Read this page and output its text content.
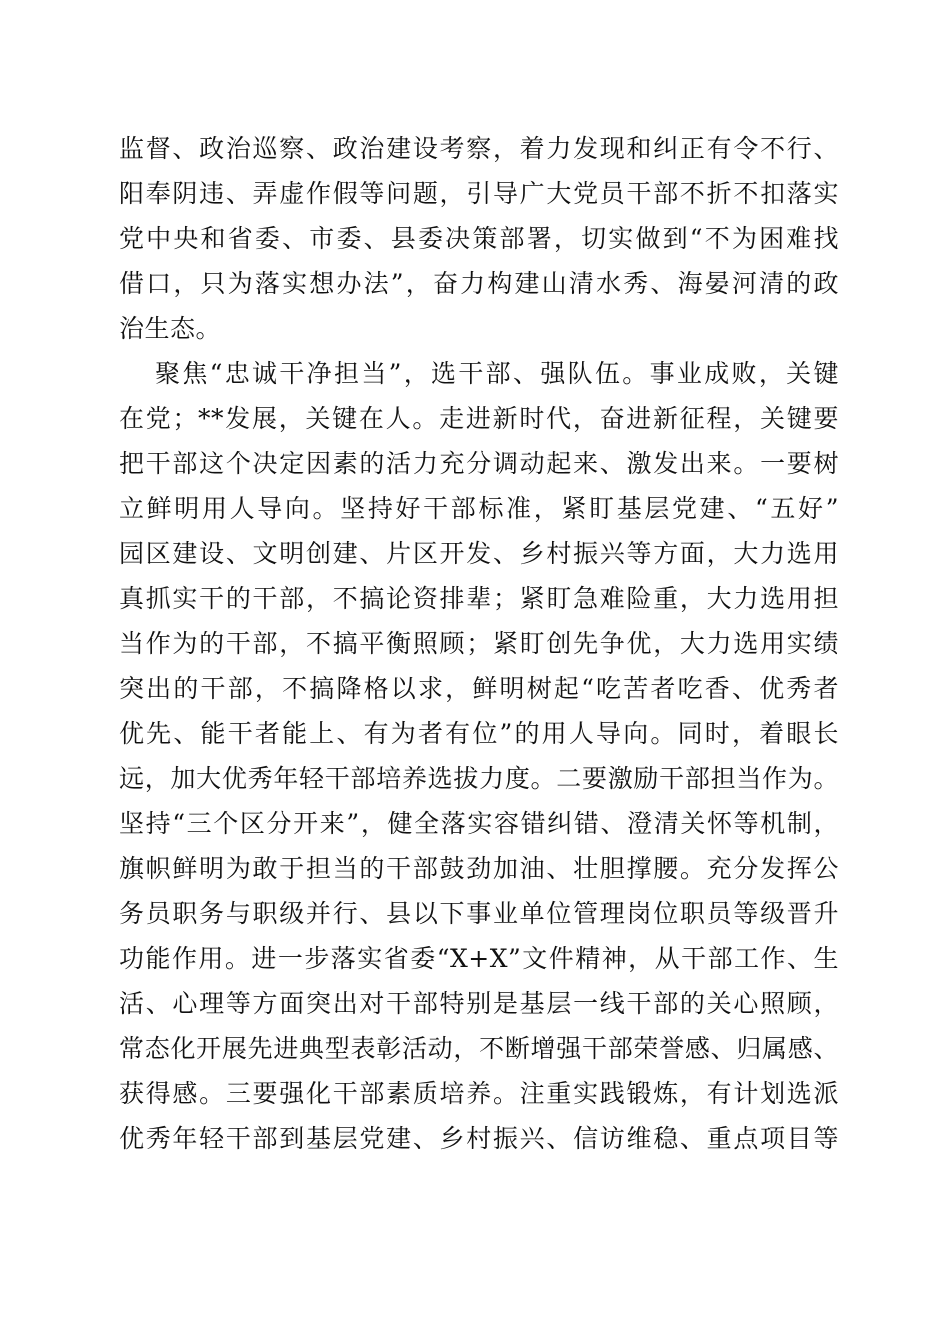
监督、政治巡察、政治建设考察，着力发现和纠正有令不行、
阳奉阴违、弄虚作假等问题，引导广大党员干部不折不扣落实
党中央和省委、市委、县委决策部署，切实做到“不为困难找
借口，只为落实想办法”，奋力构建山清水秀、海晏河清的政
治生态。
聚焦“忠诚干净担当”，选干部、强队伍。事业成败，关键
在党；**发展，关键在人。走进新时代，奋进新征程，关键要
把干部这个决定因素的活力充分调动起来、激发出来。一要树
立鲜明用人导向。坚持好干部标准，紧盯基层党建、“五好”
园区建设、文明创建、片区开发、乡村振兴等方面，大力选用
真抓实干的干部，不搞论资排辈；紧盯急难险重，大力选用担
当作为的干部，不搞平衡照顾；紧盯创先争优，大力选用实绩
突出的干部，不搞降格以求，鲜明树起“吃苦者吃香、优秀者
优先、能干者能上、有为者有位”的用人导向。同时，着眼长
远，加大优秀年轻干部培养选拔力度。二要激励干部担当作为。
坚持“三个区分开来”，健全落实容错纠错、澄清关怀等机制，
旗帜鲜明为敢于担当的干部鼓劲加油、壮胆撑腰。充分发挥公
务员职务与职级并行、县以下事业单位管理岗位职员等级晋升
功能作用。进一步落实省委“X+X”文件精神，从干部工作、生
活、心理等方面突出对干部特别是基层一线干部的关心照顾，
常态化开展先进典型表彰活动，不断增强干部荣誉感、归属感、
获得感。三要强化干部素质培养。注重实践锻炼，有计划选派
优秀年轻干部到基层党建、乡村振兴、信访维稳、重点项目等
